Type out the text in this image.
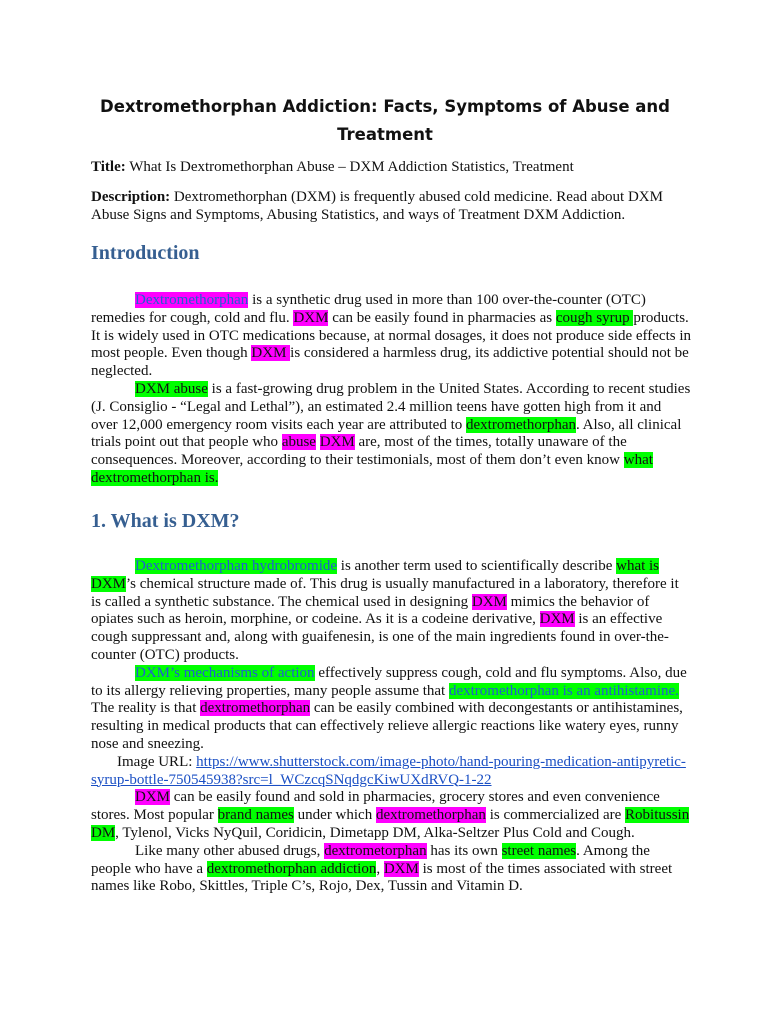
Dextromethorphan Addiction: Facts, Symptoms of Abuse and Treatment

Title: What Is Dextromethorphan Abuse – DXM Addiction Statistics, Treatment

Description: Dextromethorphan (DXM) is frequently abused cold medicine. Read about DXM Abuse Signs and Symptoms, Abusing Statistics, and ways of Treatment DXM Addiction.

Introduction

Dextromethorphan is a synthetic drug used in more than 100 over-the-counter (OTC) remedies for cough, cold and flu. DXM can be easily found in pharmacies as cough syrup products. It is widely used in OTC medications because, at normal dosages, it does not produce side effects in most people. Even though DXM is considered a harmless drug, its addictive potential should not be neglected.

DXM abuse is a fast-growing drug problem in the United States. According to recent studies (J. Consiglio - “Legal and Lethal”), an estimated 2.4 million teens have gotten high from it and over 12,000 emergency room visits each year are attributed to dextromethorphan. Also, all clinical trials point out that people who abuse DXM are, most of the times, totally unaware of the consequences. Moreover, according to their testimonials, most of them don’t even know what dextromethorphan is.

1. What is DXM?

Dextromethorphan hydrobromide is another term used to scientifically describe what is DXM’s chemical structure made of. This drug is usually manufactured in a laboratory, therefore it is called a synthetic substance. The chemical used in designing DXM mimics the behavior of opiates such as heroin, morphine, or codeine. As it is a codeine derivative, DXM is an effective cough suppressant and, along with guaifenesin, is one of the main ingredients found in over-the-counter (OTC) products.

DXM’s mechanisms of action effectively suppress cough, cold and flu symptoms. Also, due to its allergy relieving properties, many people assume that dextromethorphan is an antihistamine. The reality is that dextromethorphan can be easily combined with decongestants or antihistamines, resulting in medical products that can effectively relieve allergic reactions like watery eyes, runny nose and sneezing.

Image URL: https://www.shutterstock.com/image-photo/hand-pouring-medication-antipyretic-syrup-bottle-750545938?src=l_WCzcqSNqdgcKiwUXdRVQ-1-22

DXM can be easily found and sold in pharmacies, grocery stores and even convenience stores. Most popular brand names under which dextromethorphan is commercialized are Robitussin DM, Tylenol, Vicks NyQuil, Coridicin, Dimetapp DM, Alka-Seltzer Plus Cold and Cough.

Like many other abused drugs, dextrometorphan has its own street names. Among the people who have a dextromethorphan addiction, DXM is most of the times associated with street names like Robo, Skittles, Triple C’s, Rojo, Dex, Tussin and Vitamin D.
